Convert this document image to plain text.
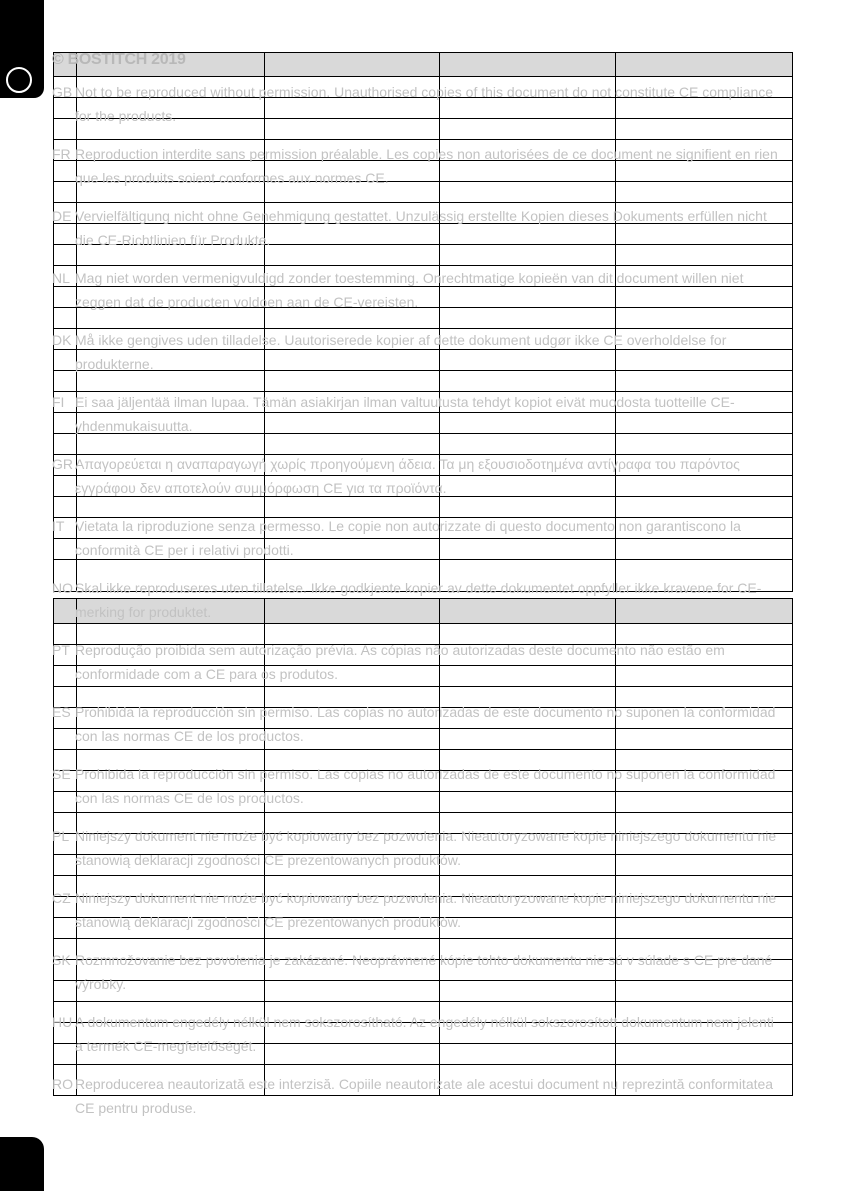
© BOSTITCH 2019

GB Not to be reproduced without permission. Unauthorised copies of this document do not constitute CE compliance for the products.
FR Reproduction interdite sans permission préalable. Les copies non autorisées de ce document ne signifient en rien que les produits soient conformes aux normes CE.
DE Vervielfältigung nicht ohne Genehmigung gestattet. Unzulässig erstellte Kopien dieses Dokuments erfüllen nicht die CE-Richtlinien für Produkte.
NL Mag niet worden vermenigvuldigd zonder toestemming. Onrechtmatige kopieën van dit document willen niet zeggen dat de producten voldoen aan de CE-vereisten.
DK Må ikke gengives uden tilladelse. Uautoriserede kopier af dette dokument udgør ikke CE overholdelse for produkterne.
FI Ei saa jäljentää ilman lupaa. Tämän asiakirjan ilman valtuutusta tehdyt kopiot eivät muodosta tuotteille CE-yhdenmukaisuutta.
GR Απαγορεύεται η αναπαραγωγή χωρίς προηγούμενη άδεια. Τα μη εξουσιοδοτημένα αντίγραφα του παρόντος εγγράφου δεν αποτελούν συμμόρφωση CE για τα προϊόντα.
IT Vietata la riproduzione senza permesso. Le copie non autorizzate di questo documento non garantiscono la conformità CE per i relativi prodotti.
NO Skal ikke reproduseres uten tillatelse. Ikke godkjente kopier av dette dokumentet oppfyller ikke kravene for CE-merking for produktet.
PT Reprodução proibida sem autorização prévia. As cópias não autorizadas deste documento não estão em conformidade com a CE para os produtos.
ES Prohibida la reproducción sin permiso. Las copias no autorizadas de este documento no suponen la conformidad con las normas CE de los productos.
SE Prohibida la reproducción sin permiso. Las copias no autorizadas de este documento no suponen la conformidad con las normas CE de los productos.
PL Niniejszy dokument nie może być kopiowany bez pozwolenia. Nieautoryzowane kopie niniejszego dokumentu nie stanowią deklaracji zgodności CE prezentowanych produktów.
CZ Niniejszy dokument nie może być kopiowany bez pozwolenia. Nieautoryzowane kopie niniejszego dokumentu nie stanowią deklaracji zgodności CE prezentowanych produktów.
SK Rozmnožovanie bez povolenia je zakázané. Neoprávnené kópie tohto dokumentu nie sú v súlade s CE pre dané výrobky.
HU A dokumentum engedély nélkül nem sokszorosítható. Az engedély nélkül sokszorosított dokumentum nem jelenti a termék CE-megfelelőségét.
RO Reproducerea neautorizată este interzisă. Copiile neautorizate ale acestui document nu reprezintă conformitatea CE pentru produse.
